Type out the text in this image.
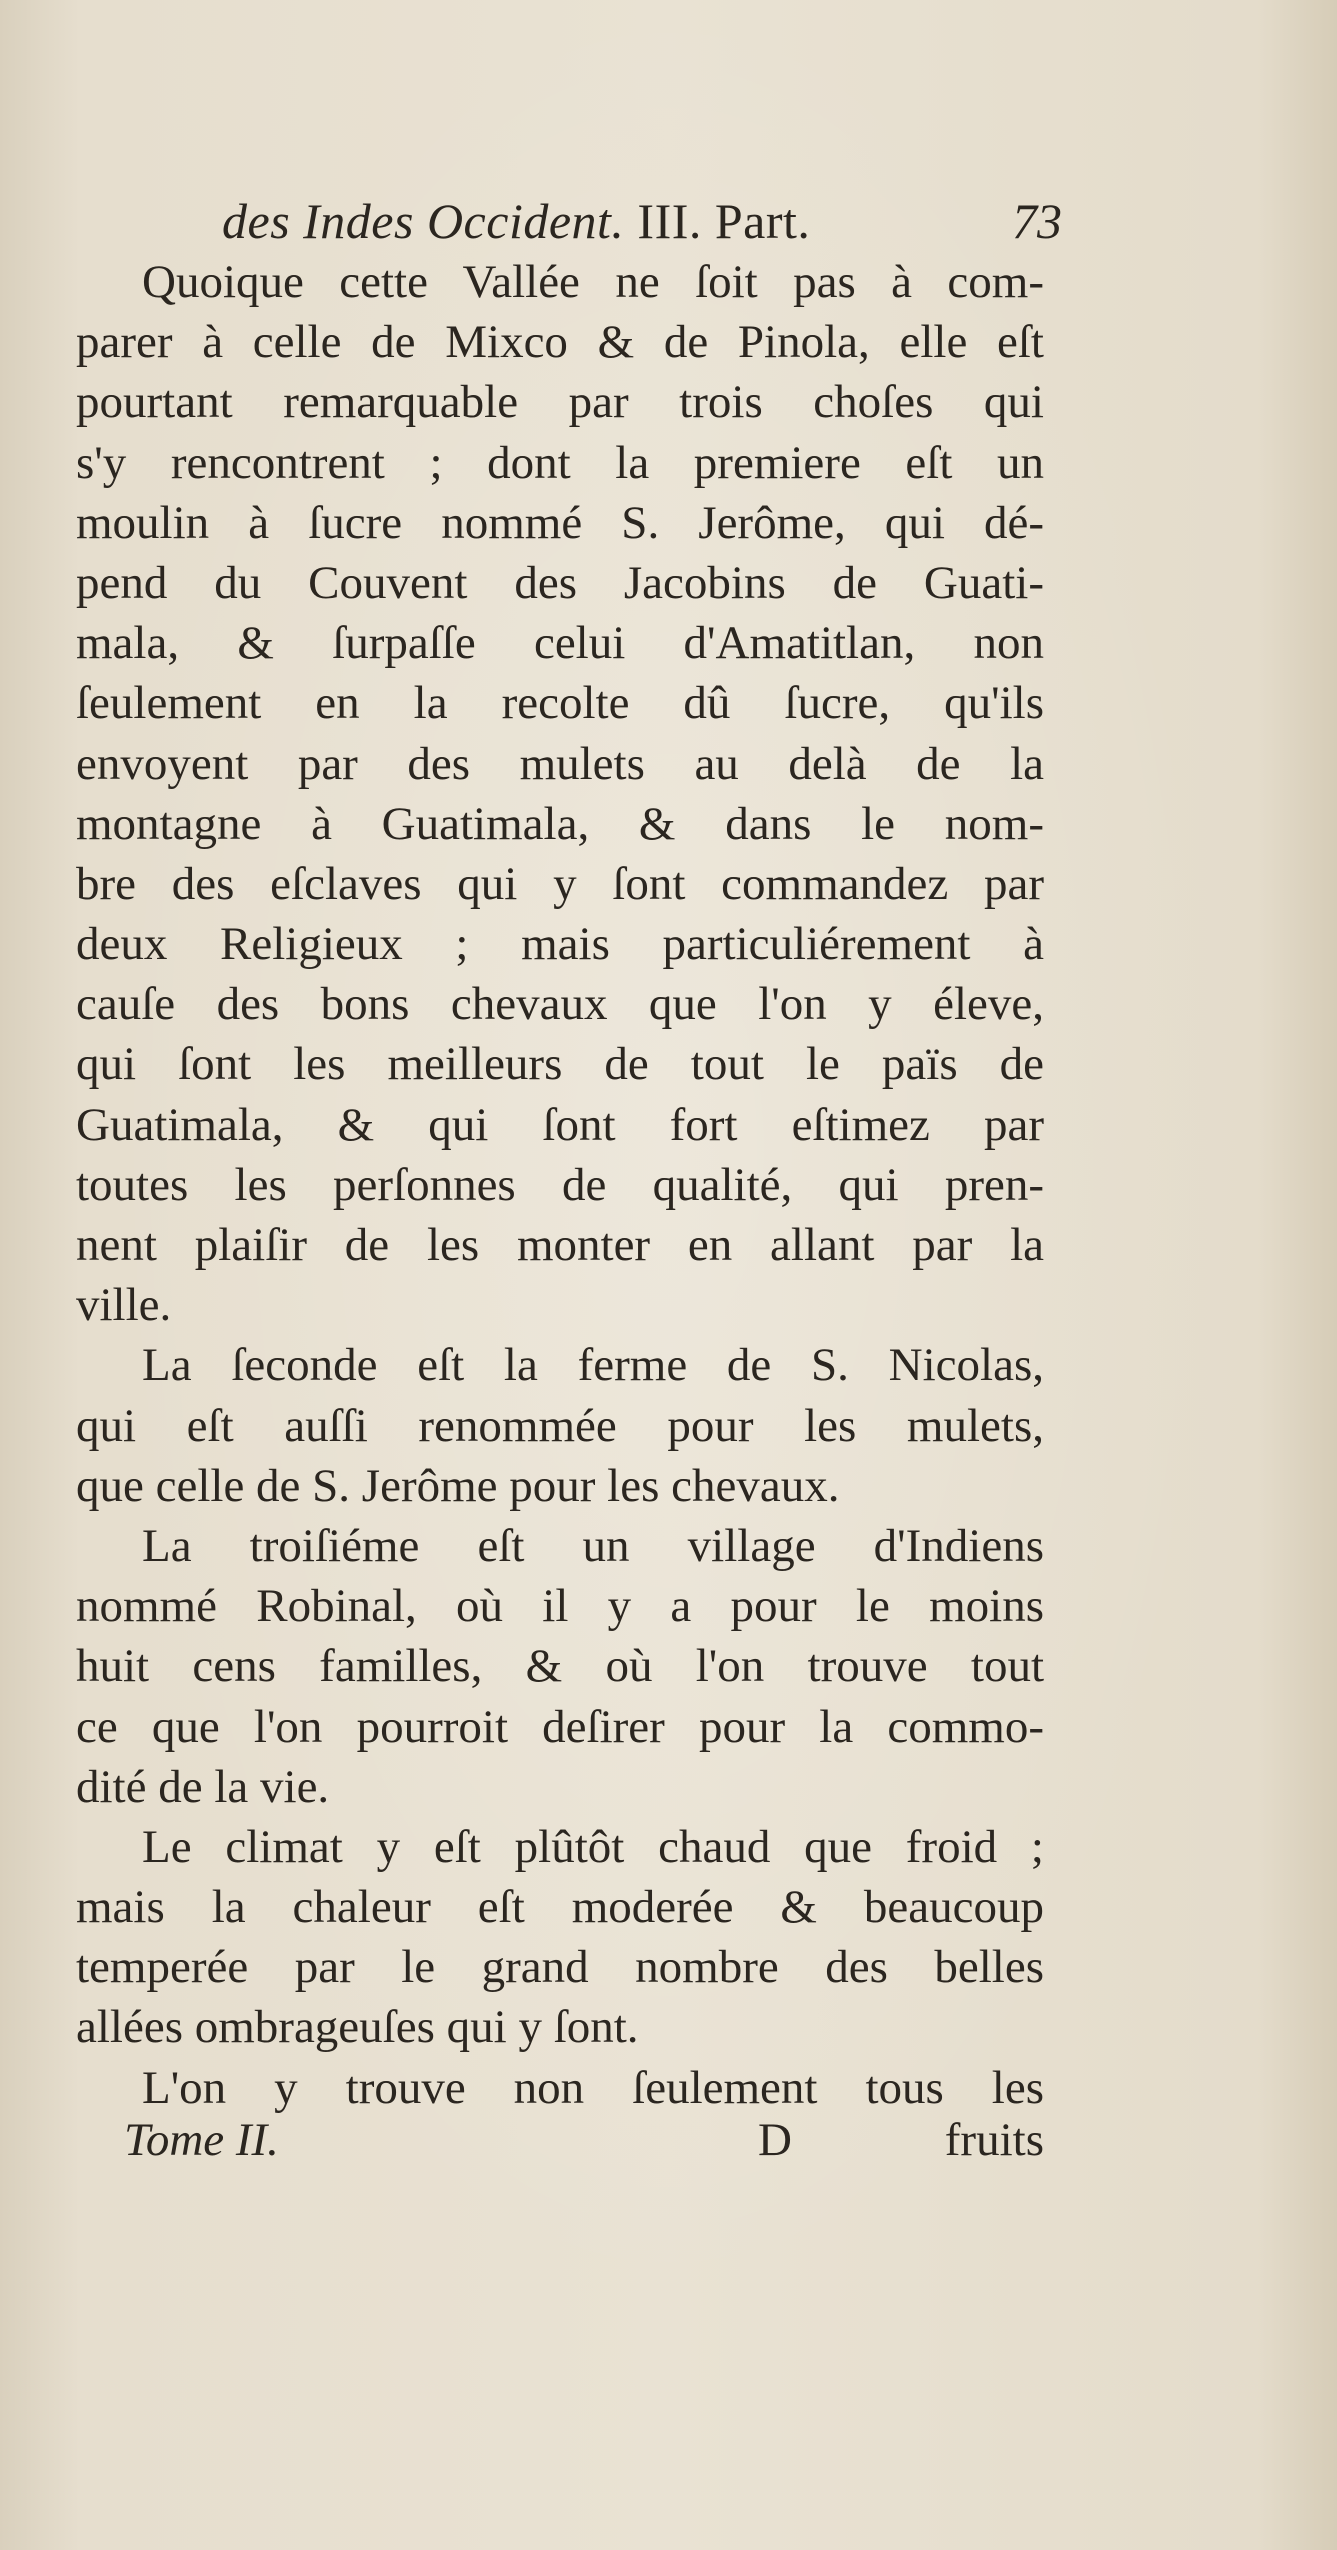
des Indes Occident. III. Part.	73
Quoique cette Vallée ne ſoit pas à com-
parer à celle de Mixco & de Pinola, elle eſt
pourtant remarquable par trois choſes qui
s'y rencontrent ; dont la premiere eſt un
moulin à ſucre nommé S. Jerôme, qui dé-
pend du Couvent des Jacobins de Guati-
mala, & ſurpaſſe celui d'Amatitlan, non
ſeulement en la recolte dû ſucre, qu'ils
envoyent par des mulets au delà de la
montagne à Guatimala, & dans le nom-
bre des eſclaves qui y ſont commandez par
deux Religieux ; mais particuliérement à
cauſe des bons chevaux que l'on y éleve,
qui ſont les meilleurs de tout le païs de
Guatimala, & qui ſont fort eſtimez par
toutes les perſonnes de qualité, qui pren-
nent plaiſir de les monter en allant par la
ville.
La ſeconde eſt la ferme de S. Nicolas,
qui eſt auſſi renommée pour les mulets,
que celle de S. Jerôme pour les chevaux.
La troiſiéme eſt un village d'Indiens
nommé Robinal, où il y a pour le moins
huit cens familles, & où l'on trouve tout
ce que l'on pourroit deſirer pour la commo-
dité de la vie.
Le climat y eſt plûtôt chaud que froid ;
mais la chaleur eſt moderée & beaucoup
temperée par le grand nombre des belles
allées ombrageuſes qui y ſont.
L'on y trouve non ſeulement tous les
Tome II.	D	fruits
